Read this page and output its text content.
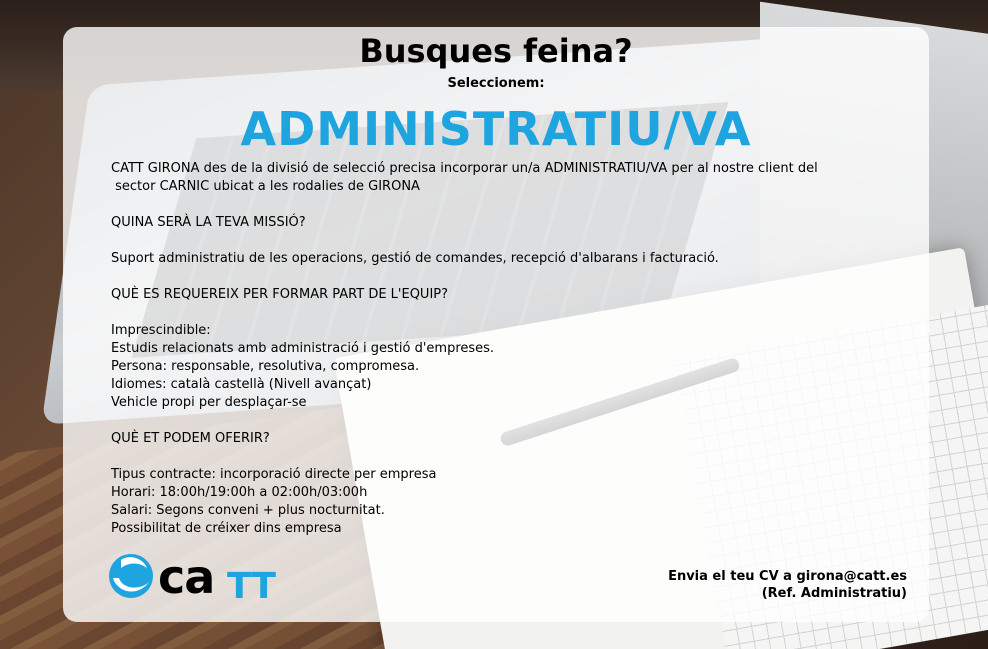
Busques feina?
Seleccionem:
ADMINISTRATIU/VA

CATT GIRONA des de la divisió de selecció precisa incorporar un/a ADMINISTRATIU/VA per al nostre client del

sector CARNIC ubicat a les rodalies de GIRONA

QUINA SERÀ LA TEVA MISSIÓ?

Suport administratiu de les operacions, gestió de comandes, recepció d'albarans i facturació.

QUÈ ES REQUEREIX PER FORMAR PART DE L'EQUIP?

Imprescindible:

Estudis relacionats amb administració i gestió d'empreses.

Persona: responsable, resolutiva, compromesa.

Idiomes: català castellà (Nivell avançat)

Vehicle propi per desplaçar-se

QUÈ ET PODEM OFERIR?

Tipus contracte: incorporació directe per empresa

Horari: 18:00h/19:00h a 02:00h/03:00h

Salari: Segons conveni + plus nocturnitat.

Possibilitat de créixer dins empresa

ca TT	Envia el teu CV a girona@catt.es
(Ref. Administratiu)
